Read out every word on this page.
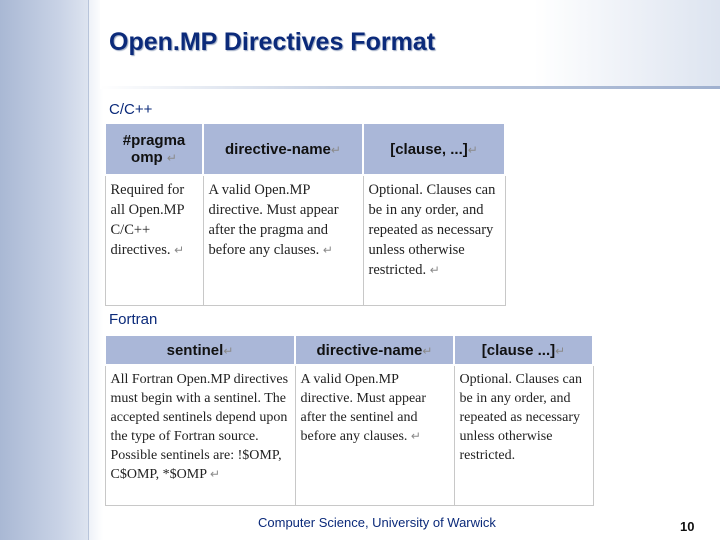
Open.MP Directives Format
C/C++
#pragma omp ↵	directive-name↵	[clause, ...]↵
Required for all Open.MP C/C++ directives. ↵	A valid Open.MP directive. Must appear after the pragma and before any clauses. ↵	Optional. Clauses can be in any order, and repeated as necessary unless otherwise restricted. ↵
Fortran
sentinel↵	directive-name↵	[clause ...]↵
All Fortran Open.MP directives must begin with a sentinel. The accepted sentinels depend upon the type of Fortran source. Possible sentinels are: !$OMP, C$OMP, *$OMP ↵	A valid Open.MP directive. Must appear after the sentinel and before any clauses. ↵	Optional. Clauses can be in any order, and repeated as necessary unless otherwise restricted.
Computer Science, University of Warwick	10
